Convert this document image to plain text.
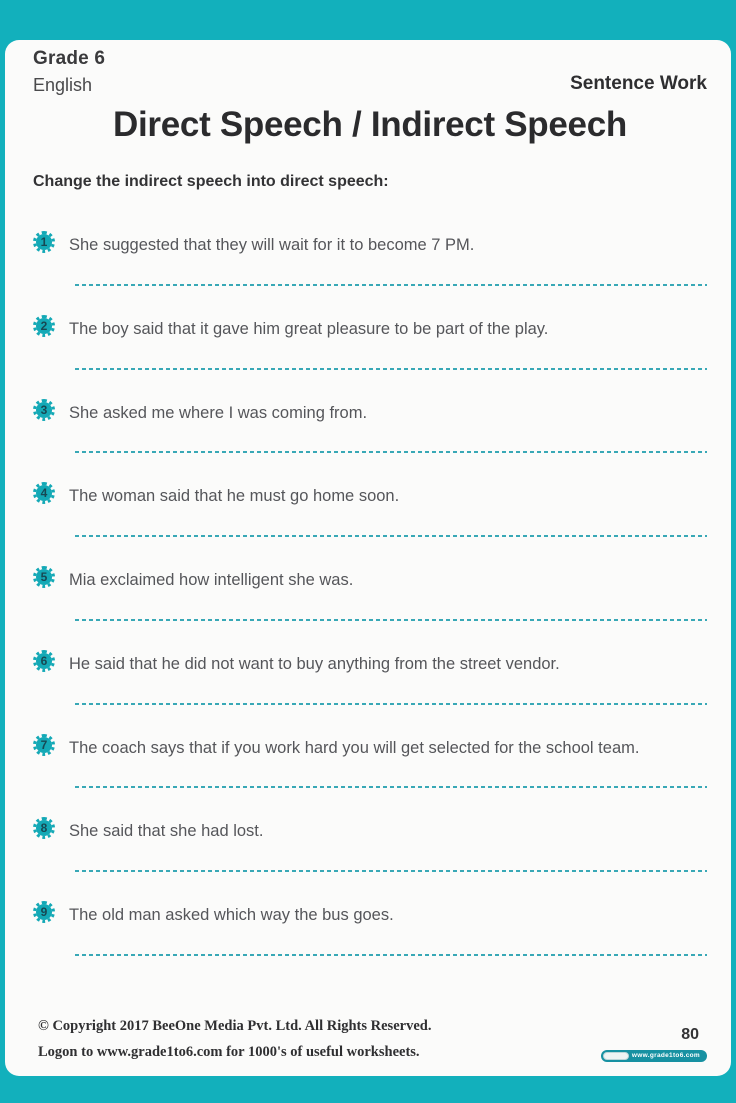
Grade 6
English	Sentence Work
Direct Speech / Indirect Speech
Change the indirect speech into direct speech:
1 She suggested that they will wait for it to become 7 PM.

2 The boy said that it gave him great pleasure to be part of the play.

3 She asked me where I was coming from.

4 The woman said that he must go home soon.

5 Mia exclaimed how intelligent she was.

6 He said that he did not want to buy anything from the street vendor.

7 The coach says that if you work hard you will get selected for the school team.

8 She said that she had lost.

9 The old man asked which way the bus goes.

© Copyright 2017 BeeOne Media Pvt. Ltd. All Rights Reserved.
Logon to www.grade1to6.com for 1000's of useful worksheets.
80
www.grade1to6.com
